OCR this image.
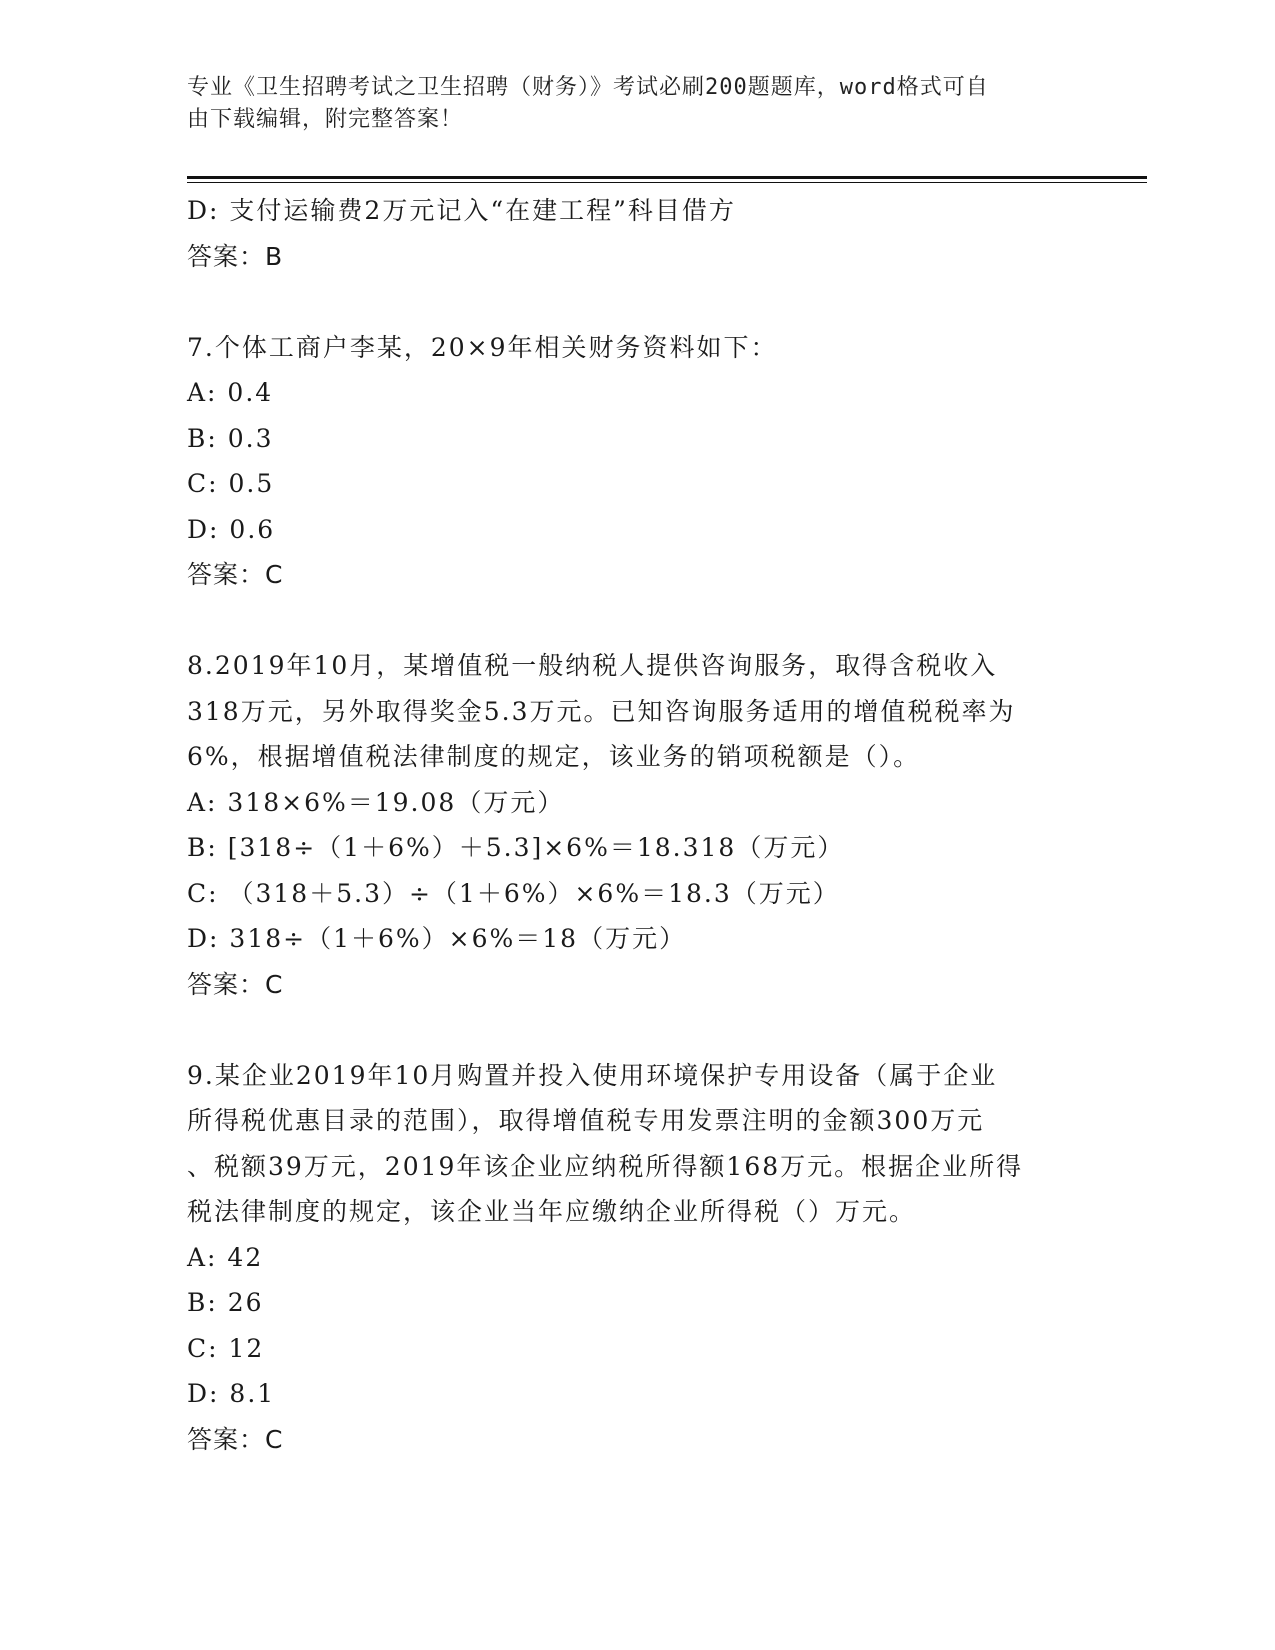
专业《卫生招聘考试之卫生招聘（财务）》考试必刷200题题库，word格式可自
由下载编辑，附完整答案！
D: 支付运输费2万元记入“在建工程”科目借方
答案：B
7.个体工商户李某，20×9年相关财务资料如下：
A: 0.4
B: 0.3
C: 0.5
D: 0.6
答案：C
8.2019年10月，某增值税一般纳税人提供咨询服务，取得含税收入
318万元，另外取得奖金5.3万元。已知咨询服务适用的增值税税率为
6%，根据增值税法律制度的规定，该业务的销项税额是（）。
A: 318×6%＝19.08（万元）
B: [318÷（1＋6%）＋5.3]×6%＝18.318（万元）
C: （318＋5.3）÷（1＋6%）×6%＝18.3（万元）
D: 318÷（1＋6%）×6%＝18（万元）
答案：C
9.某企业2019年10月购置并投入使用环境保护专用设备（属于企业
所得税优惠目录的范围），取得增值税专用发票注明的金额300万元
、税额39万元，2019年该企业应纳税所得额168万元。根据企业所得
税法律制度的规定，该企业当年应缴纳企业所得税（）万元。
A: 42
B: 26
C: 12
D: 8.1
答案：C
